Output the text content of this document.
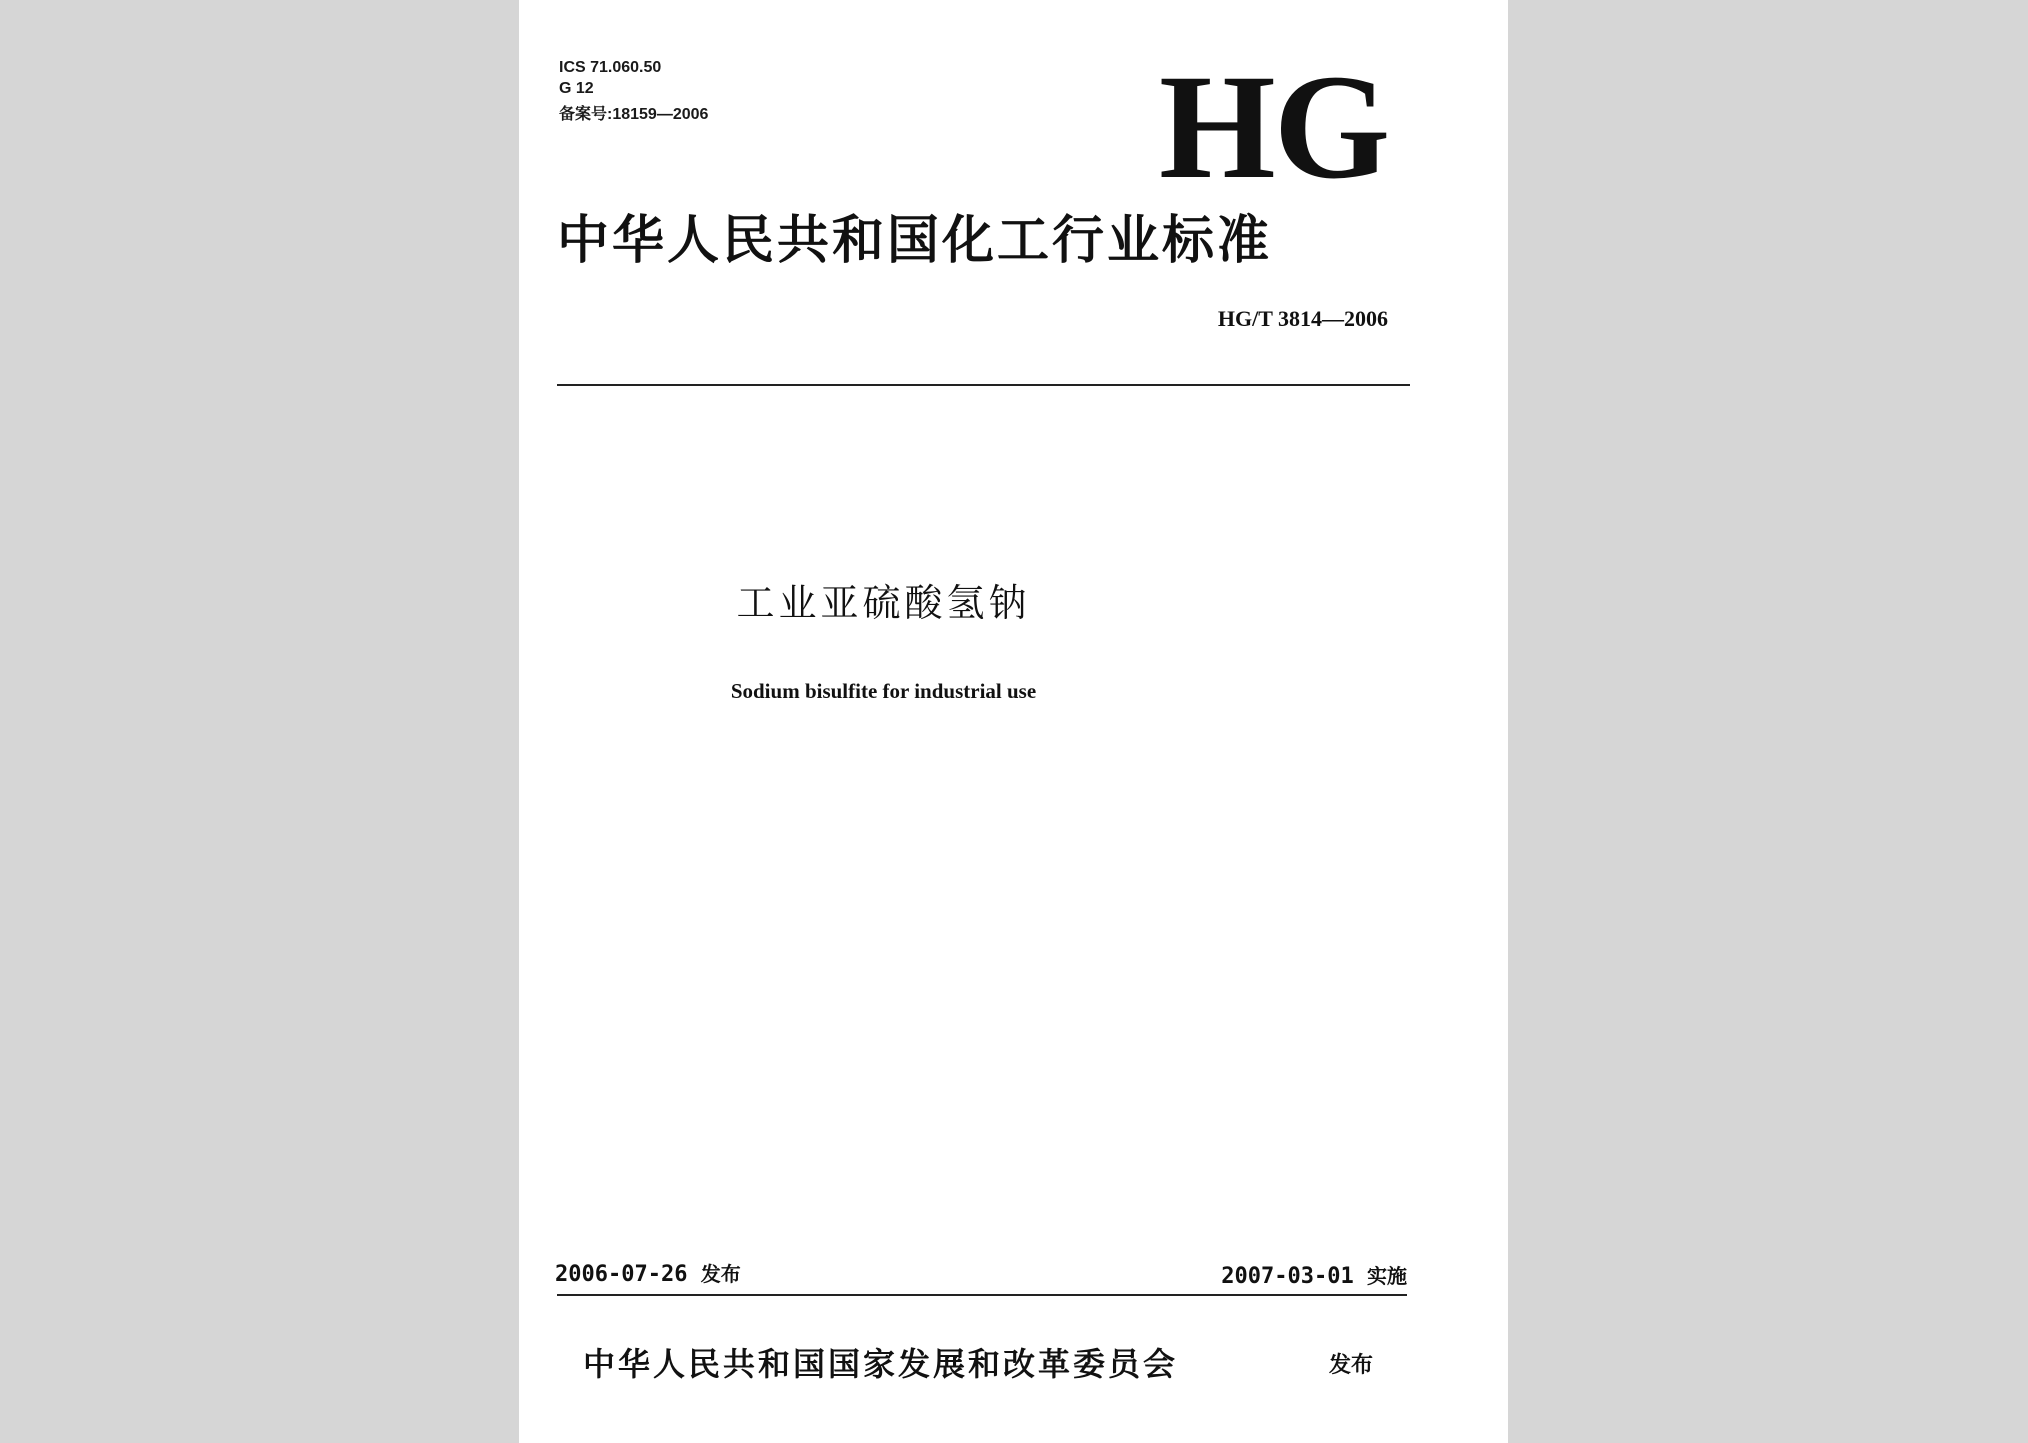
ICS 71.060.50
G 12
备案号:18159—2006	HG
中华人民共和国化工行业标准
HG/T 3814—2006
工业亚硫酸氢钠
Sodium bisulfite for industrial use
2006-07-26 发布	2007-03-01 实施
中华人民共和国国家发展和改革委员会	发布
